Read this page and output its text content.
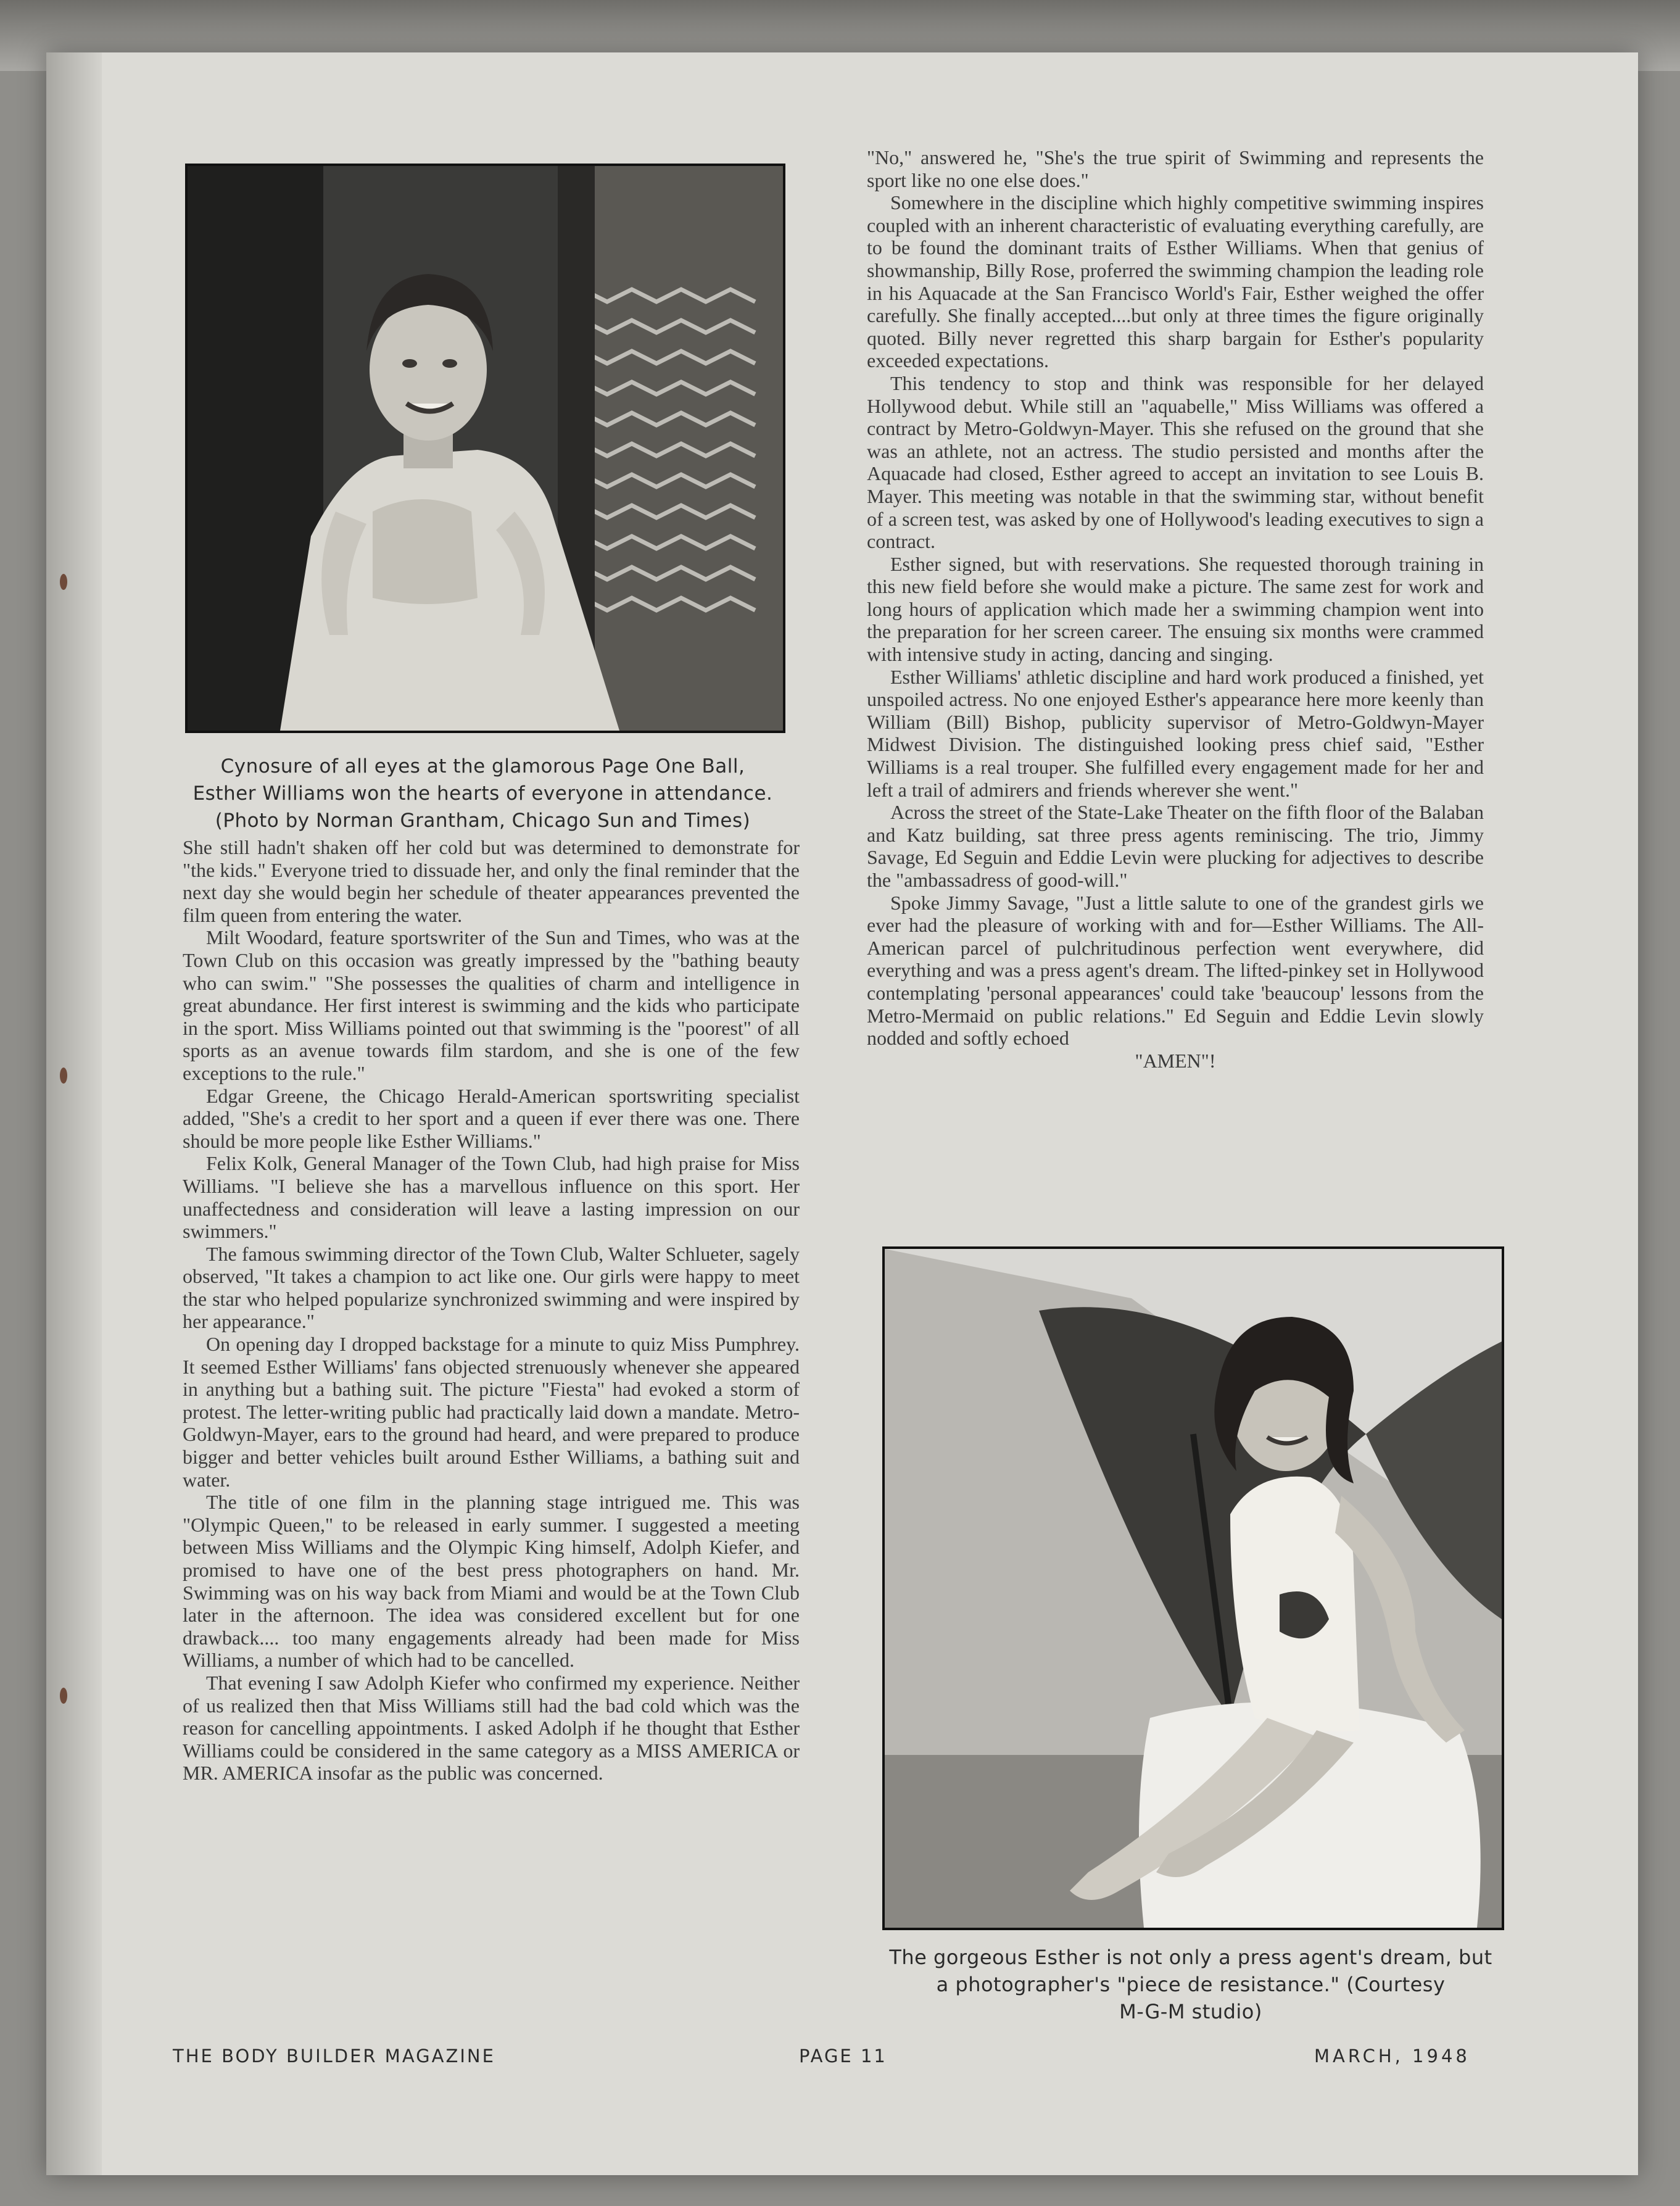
Cynosure of all eyes at the glamorous Page One Ball,
Esther Williams won the hearts of everyone in attendance.
(Photo by Norman Grantham, Chicago Sun and Times)

She still hadn't shaken off her cold but was determined to demonstrate for "the kids." Everyone tried to dissuade her, and only the final reminder that the next day she would begin her schedule of theater appearances prevented the film queen from entering the water.

Milt Woodard, feature sportswriter of the Sun and Times, who was at the Town Club on this occasion was greatly impressed by the "bathing beauty who can swim." "She possesses the qualities of charm and intelligence in great abundance. Her first interest is swimming and the kids who participate in the sport. Miss Williams pointed out that swimming is the "poorest" of all sports as an avenue towards film stardom, and she is one of the few exceptions to the rule."

Edgar Greene, the Chicago Herald-American sportswriting specialist added, "She's a credit to her sport and a queen if ever there was one. There should be more people like Esther Williams."

Felix Kolk, General Manager of the Town Club, had high praise for Miss Williams. "I believe she has a marvellous influence on this sport. Her unaffectedness and consideration will leave a lasting impression on our swimmers."

The famous swimming director of the Town Club, Walter Schlueter, sagely observed, "It takes a champion to act like one. Our girls were happy to meet the star who helped popularize synchronized swimming and were inspired by her appearance."

On opening day I dropped backstage for a minute to quiz Miss Pumphrey. It seemed Esther Williams' fans objected strenuously whenever she appeared in anything but a bathing suit. The picture "Fiesta" had evoked a storm of protest. The letter-writing public had practically laid down a mandate. Metro-Goldwyn-Mayer, ears to the ground had heard, and were prepared to produce bigger and better vehicles built around Esther Williams, a bathing suit and water.

The title of one film in the planning stage intrigued me. This was "Olympic Queen," to be released in early summer. I suggested a meeting between Miss Williams and the Olympic King himself, Adolph Kiefer, and promised to have one of the best press photographers on hand. Mr. Swimming was on his way back from Miami and would be at the Town Club later in the afternoon. The idea was considered excellent but for one drawback.... too many engagements already had been made for Miss Williams, a number of which had to be cancelled.

That evening I saw Adolph Kiefer who confirmed my experience. Neither of us realized then that Miss Williams still had the bad cold which was the reason for cancelling appointments. I asked Adolph if he thought that Esther Williams could be considered in the same category as a MISS AMERICA or MR. AMERICA insofar as the public was concerned.

"No," answered he, "She's the true spirit of Swimming and represents the sport like no one else does."

Somewhere in the discipline which highly competitive swimming inspires coupled with an inherent characteristic of evaluating everything carefully, are to be found the dominant traits of Esther Williams. When that genius of showmanship, Billy Rose, proferred the swimming champion the leading role in his Aquacade at the San Francisco World's Fair, Esther weighed the offer carefully. She finally accepted....but only at three times the figure originally quoted. Billy never regretted this sharp bargain for Esther's popularity exceeded expectations.

This tendency to stop and think was responsible for her delayed Hollywood debut. While still an "aquabelle," Miss Williams was offered a contract by Metro-Goldwyn-Mayer. This she refused on the ground that she was an athlete, not an actress. The studio persisted and months after the Aquacade had closed, Esther agreed to accept an invitation to see Louis B. Mayer. This meeting was notable in that the swimming star, without benefit of a screen test, was asked by one of Hollywood's leading executives to sign a contract.

Esther signed, but with reservations. She requested thorough training in this new field before she would make a picture. The same zest for work and long hours of application which made her a swimming champion went into the preparation for her screen career. The ensuing six months were crammed with intensive study in acting, dancing and singing.

Esther Williams' athletic discipline and hard work produced a finished, yet unspoiled actress. No one enjoyed Esther's appearance here more keenly than William (Bill) Bishop, publicity supervisor of Metro-Goldwyn-Mayer Midwest Division. The distinguished looking press chief said, "Esther Williams is a real trouper. She fulfilled every engagement made for her and left a trail of admirers and friends wherever she went."

Across the street of the State-Lake Theater on the fifth floor of the Balaban and Katz building, sat three press agents reminiscing. The trio, Jimmy Savage, Ed Seguin and Eddie Levin were plucking for adjectives to describe the "ambassadress of good-will."

Spoke Jimmy Savage, "Just a little salute to one of the grandest girls we ever had the pleasure of working with and for—Esther Williams. The All-American parcel of pulchritudinous perfection went everywhere, did everything and was a press agent's dream. The lifted-pinkey set in Hollywood contemplating 'personal appearances' could take 'beaucoup' lessons from the Metro-Mermaid on public relations." Ed Seguin and Eddie Levin slowly nodded and softly echoed

"AMEN"!

The gorgeous Esther is not only a press agent's dream, but
a photographer's "piece de resistance." (Courtesy
M-G-M studio)
THE BODY BUILDER MAGAZINE	PAGE 11	MARCH, 1948
